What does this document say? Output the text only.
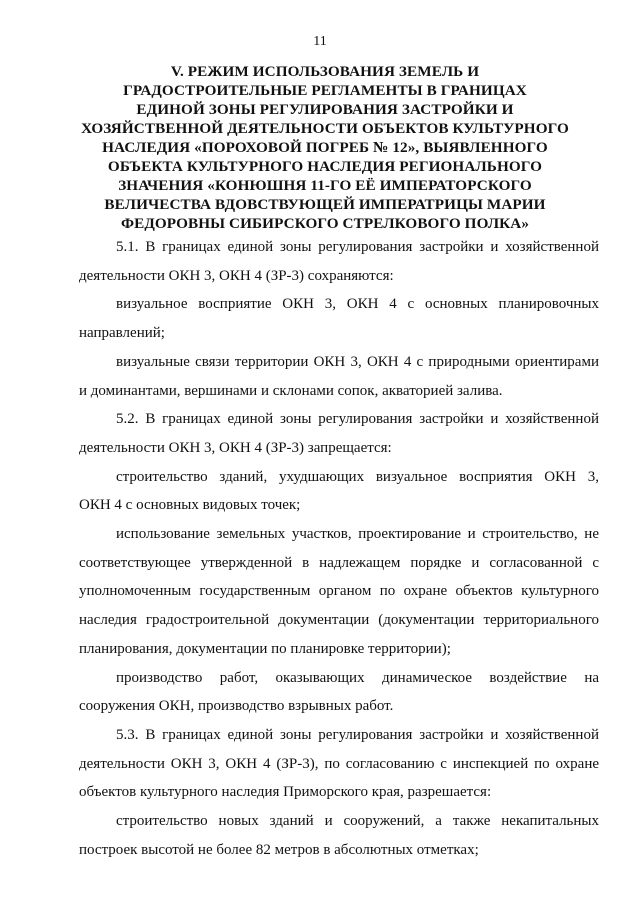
11
V. РЕЖИМ ИСПОЛЬЗОВАНИЯ ЗЕМЕЛЬ И
ГРАДОСТРОИТЕЛЬНЫЕ РЕГЛАМЕНТЫ В ГРАНИЦАХ
ЕДИНОЙ ЗОНЫ РЕГУЛИРОВАНИЯ ЗАСТРОЙКИ И
ХОЗЯЙСТВЕННОЙ ДЕЯТЕЛЬНОСТИ ОБЪЕКТОВ КУЛЬТУРНОГО
НАСЛЕДИЯ «ПОРОХОВОЙ ПОГРЕБ № 12», ВЫЯВЛЕННОГО
ОБЪЕКТА КУЛЬТУРНОГО НАСЛЕДИЯ РЕГИОНАЛЬНОГО
ЗНАЧЕНИЯ «КОНЮШНЯ 11-ГО ЕЁ ИМПЕРАТОРСКОГО
ВЕЛИЧЕСТВА ВДОВСТВУЮЩЕЙ ИМПЕРАТРИЦЫ МАРИИ
ФЕДОРОВНЫ СИБИРСКОГО СТРЕЛКОВОГО ПОЛКА»
5.1. В границах единой зоны регулирования застройки и хозяйственной
деятельности ОКН 3, ОКН 4 (ЗР-3) сохраняются:
визуальное восприятие ОКН 3, ОКН 4 с основных планировочных
направлений;
визуальные связи территории ОКН 3, ОКН 4 с природными ориентирами
и доминантами, вершинами и склонами сопок, акваторией залива.
5.2. В границах единой зоны регулирования застройки и хозяйственной
деятельности ОКН 3, ОКН 4 (ЗР-3) запрещается:
строительство зданий, ухудшающих визуальное восприятия ОКН 3,
ОКН 4 с основных видовых точек;
использование земельных участков, проектирование и строительство, не
соответствующее утвержденной в надлежащем порядке и согласованной с
уполномоченным государственным органом по охране объектов культурного
наследия градостроительной документации (документации территориального
планирования, документации по планировке территории);
производство работ, оказывающих динамическое воздействие на
сооружения ОКН, производство взрывных работ.
5.3. В границах единой зоны регулирования застройки и хозяйственной
деятельности ОКН 3, ОКН 4 (ЗР-3), по согласованию с инспекцией по охране
объектов культурного наследия Приморского края, разрешается:
строительство новых зданий и сооружений, а также некапитальных
построек высотой не более 82 метров в абсолютных отметках;
